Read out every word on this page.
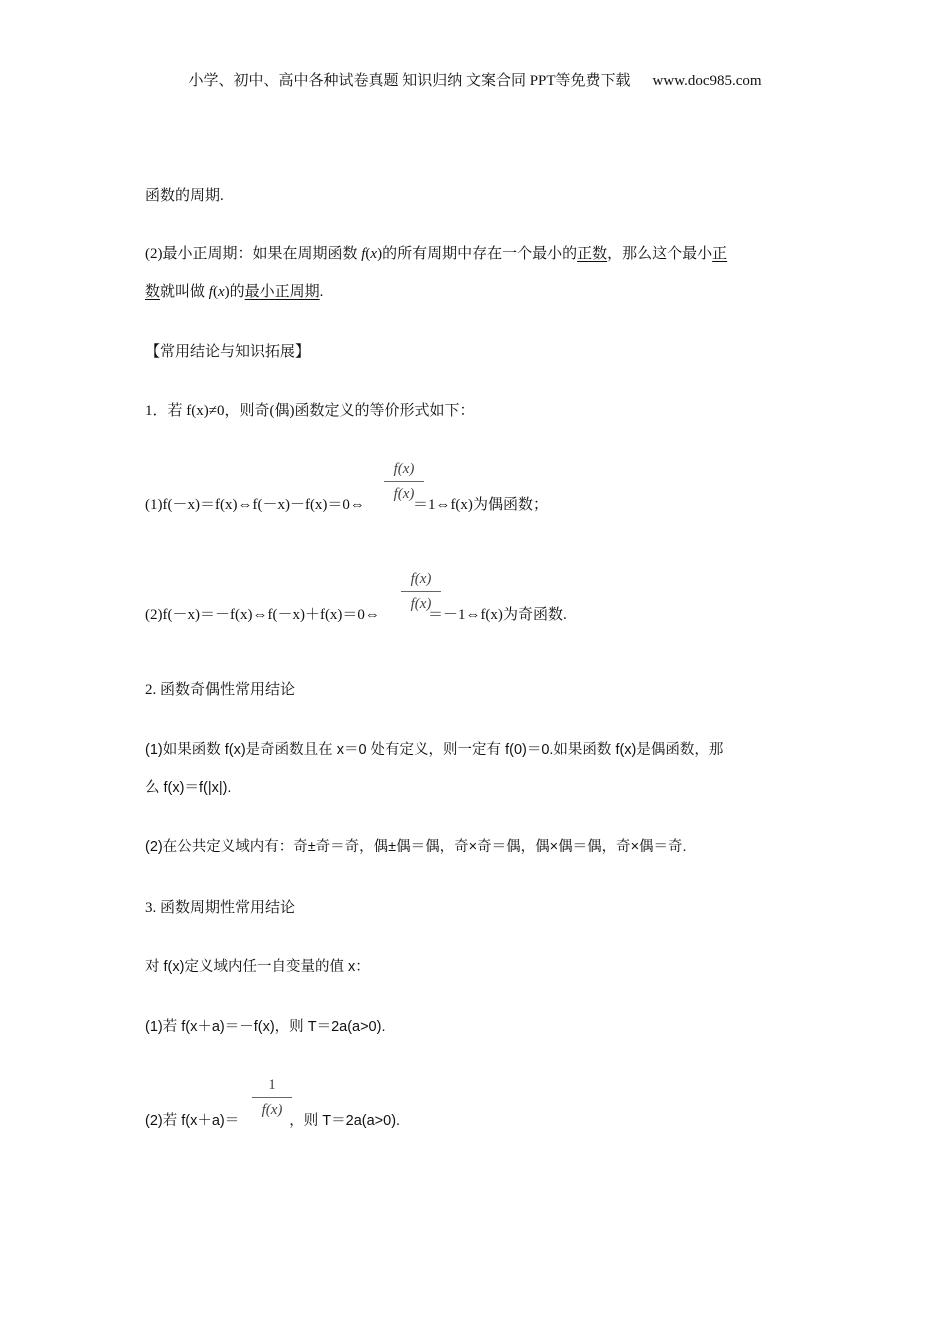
小学、初中、高中各种试卷真题 知识归纳 文案合同 PPT等免费下载 www.doc985.com
函数的周期.
(2)最小正周期：如果在周期函数 f(x)的所有周期中存在一个最小的正数，那么这个最小正
数就叫做 f(x)的最小正周期.
【常用结论与知识拓展】
1．若 f(x)≠0，则奇(偶)函数定义的等价形式如下：
f(x)
f(x)
(1)f(－x)＝f(x)⇔f(－x)－f(x)＝0⇔	＝1⇔f(x)为偶函数；
f(x)
f(x)
(2)f(－x)＝－f(x)⇔f(－x)＋f(x)＝0⇔	＝－1⇔f(x)为奇函数.
2. 函数奇偶性常用结论
(1)如果函数 f(x)是奇函数且在 x＝0 处有定义，则一定有 f(0)＝0.如果函数 f(x)是偶函数，那
么 f(x)＝f(|x|).
(2)在公共定义域内有：奇±奇＝奇，偶±偶＝偶，奇×奇＝偶，偶×偶＝偶，奇×偶＝奇.
3. 函数周期性常用结论
对 f(x)定义域内任一自变量的值 x：
(1)若 f(x＋a)＝－f(x)，则 T＝2a(a>0).
1
f(x)
(2)若 f(x＋a)＝	，则 T＝2a(a>0).
